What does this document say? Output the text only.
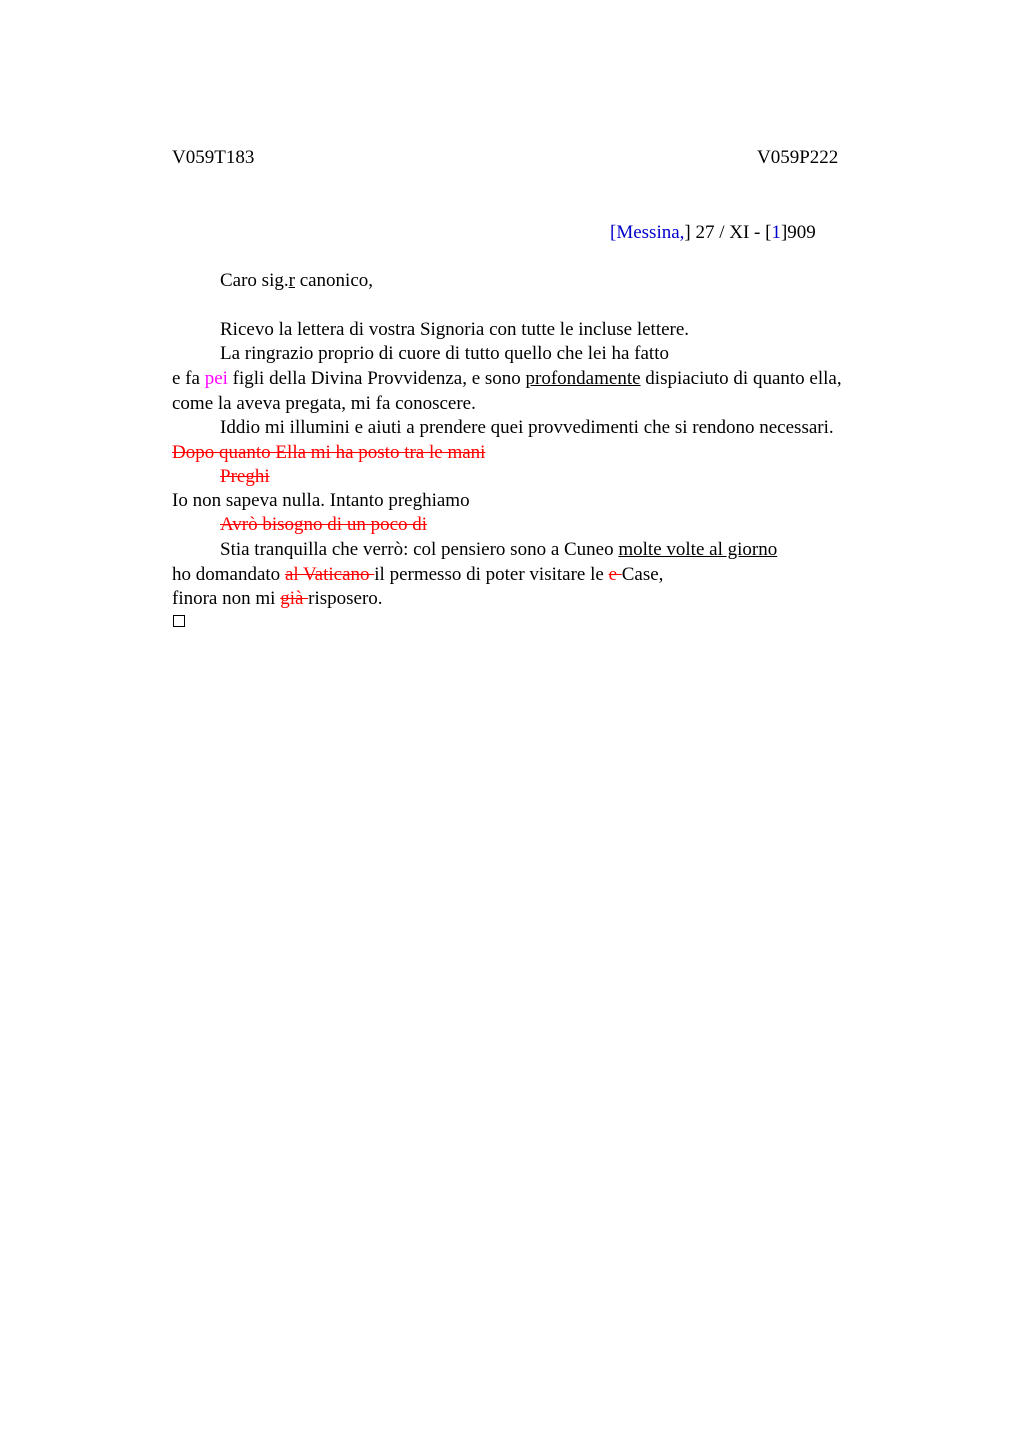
V059T183	V059P222
[Messina,] 27 / XI - [1]909
Caro sig.r canonico,
Ricevo la lettera di vostra Signoria con tutte le incluse lettere.
La ringrazio proprio di cuore di tutto quello che lei ha fatto
e fa pei figli della Divina Provvidenza, e sono profondamente dispiaciuto di quanto ella,
come la aveva pregata, mi fa conoscere.
Iddio mi illumini e aiuti a prendere quei provvedimenti che si rendono necessari.
Dopo quanto Ella mi ha posto tra le mani
Preghi
Io non sapeva nulla. Intanto preghiamo
Avrò bisogno di un poco di
Stia tranquilla che verrò: col pensiero sono a Cuneo molte volte al giorno
ho domandato al Vaticano il permesso di poter visitare le e Case,
finora non mi già risposero.
